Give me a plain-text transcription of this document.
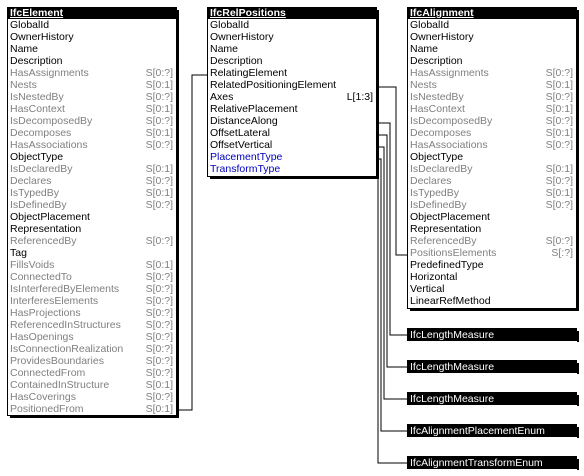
IfcElement
GlobalId
OwnerHistory
Name
Description
HasAssignments	S[0:?]
Nests	S[0:1]
IsNestedBy	S[0:?]
HasContext	S[0:1]
IsDecomposedBy	S[0:?]
Decomposes	S[0:1]
HasAssociations	S[0:?]
ObjectType
IsDeclaredBy	S[0:1]
Declares	S[0:?]
IsTypedBy	S[0:1]
IsDefinedBy	S[0:?]
ObjectPlacement
Representation
ReferencedBy	S[0:?]
Tag
FillsVoids	S[0:1]
ConnectedTo	S[0:?]
IsInterferedByElements	S[0:?]
InterferesElements	S[0:?]
HasProjections	S[0:?]
ReferencedInStructures S[0:?]
HasOpenings	S[0:?]
IsConnectionRealization S[0:?]
ProvidesBoundaries	S[0:?]
ConnectedFrom	S[0:?]
ContainedInStructure	S[0:1]
HasCoverings	S[0:?]
PositionedFrom	S[0:1]
IfcRelPositions
GlobalId
OwnerHistory
Name
Description
RelatingElement
RelatedPositioningElement
Axes	L[1:3]
RelativePlacement
DistanceAlong
OffsetLateral
OffsetVertical
PlacementType
TransformType
IfcAlignment
GlobalId
OwnerHistory
Name
Description
HasAssignments	S[0:?]
Nests	S[0:1]
IsNestedBy	S[0:?]
HasContext	S[0:1]
IsDecomposedBy	S[0:?]
Decomposes	S[0:1]
HasAssociations	S[0:?]
ObjectType
IsDeclaredBy	S[0:1]
Declares	S[0:?]
IsTypedBy	S[0:1]
IsDefinedBy	S[0:?]
ObjectPlacement
Representation
ReferencedBy	S[0:?]
PositionsElements	S[:?]
PredefinedType
Horizontal
Vertical
LinearRefMethod
IfcLengthMeasure
IfcLengthMeasure
IfcLengthMeasure
IfcAlignmentPlacementEnum
IfcAlignmentTransformEnum
